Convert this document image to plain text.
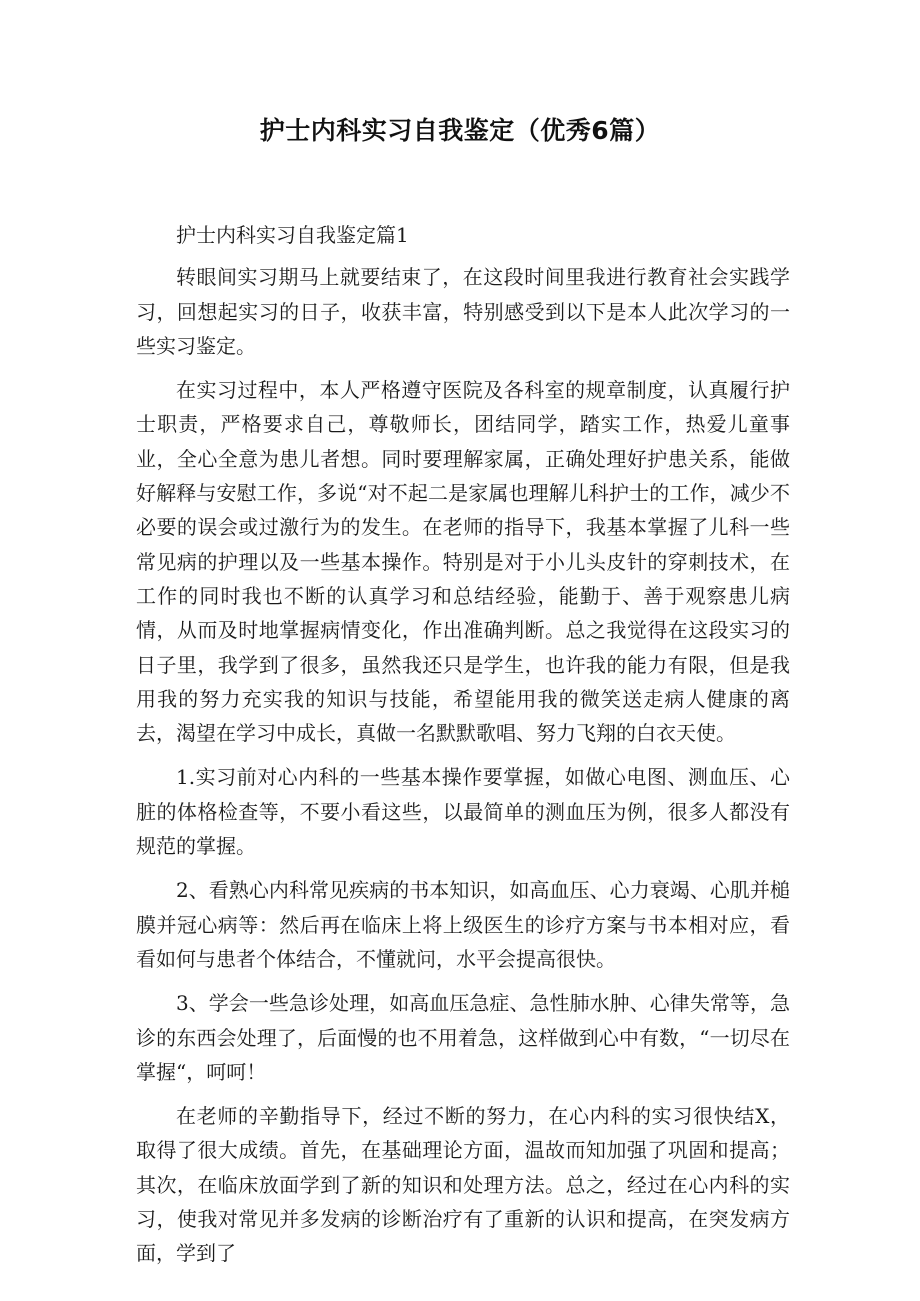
护士内科实习自我鉴定（优秀6篇）

护士内科实习自我鉴定篇1

转眼间实习期马上就要结束了，在这段时间里我进行教育社会实践学习，回想起实习的日子，收获丰富，特别感受到以下是本人此次学习的一些实习鉴定。

在实习过程中，本人严格遵守医院及各科室的规章制度，认真履行护士职责，严格要求自己，尊敬师长，团结同学，踏实工作，热爱儿童事业，全心全意为患儿者想。同时要理解家属，正确处理好护患关系，能做好解释与安慰工作，多说“对不起二是家属也理解儿科护士的工作，减少不必要的误会或过激行为的发生。在老师的指导下，我基本掌握了儿科一些常见病的护理以及一些基本操作。特别是对于小儿头皮针的穿刺技术，在工作的同时我也不断的认真学习和总结经验，能勤于、善于观察患儿病情，从而及时地掌握病情变化，作出准确判断。总之我觉得在这段实习的日子里，我学到了很多，虽然我还只是学生，也许我的能力有限，但是我用我的努力充实我的知识与技能，希望能用我的微笑送走病人健康的离去，渴望在学习中成长，真做一名默默歌唱、努力飞翔的白衣天使。

1.实习前对心内科的一些基本操作要掌握，如做心电图、测血压、心脏的体格检查等，不要小看这些，以最简单的测血压为例，很多人都没有规范的掌握。

2、看熟心内科常见疾病的书本知识，如高血压、心力衰竭、心肌并槌膜并冠心病等：然后再在临床上将上级医生的诊疗方案与书本相对应，看看如何与患者个体结合，不懂就问，水平会提高很快。

3、学会一些急诊处理，如高血压急症、急性肺水肿、心律失常等，急诊的东西会处理了，后面慢的也不用着急，这样做到心中有数，“一切尽在掌握“，呵呵！

在老师的辛勤指导下，经过不断的努力，在心内科的实习很快结X，取得了很大成绩。首先，在基础理论方面，温故而知加强了巩固和提高；其次，在临床放面学到了新的知识和处理方法。总之，经过在心内科的实习，使我对常见并多发病的诊断治疗有了重新的认识和提高，在突发病方面，学到了
